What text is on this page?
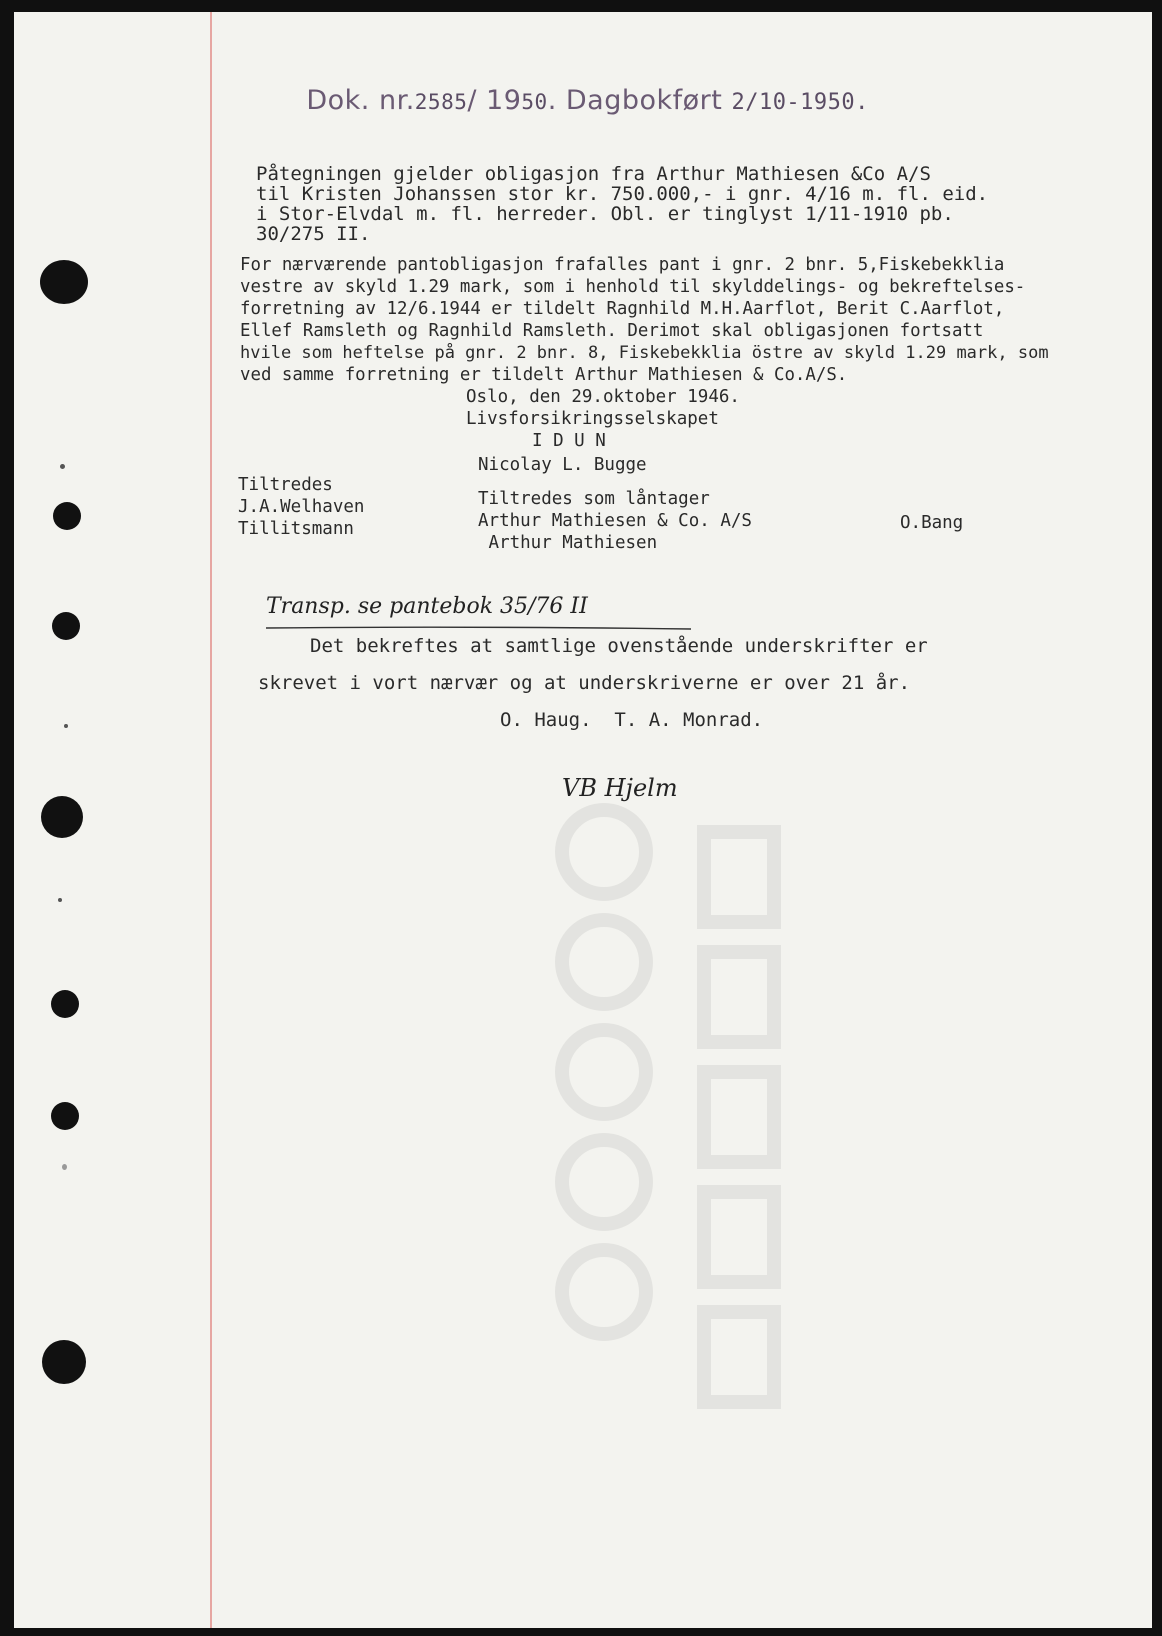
Dok. nr.2585/ 1950. Dagbokført 2/10-1950.

Påtegningen gjelder obligasjon fra Arthur Mathiesen &Co A/S
til Kristen Johanssen stor kr. 750.000,- i gnr. 4/16 m. fl. eid.
i Stor-Elvdal m. fl. herreder. Obl. er tinglyst 1/11-1910 pb.
30/275 II.
For nærværende pantobligasjon frafalles pant i gnr. 2 bnr. 5,Fiskebekklia
vestre av skyld 1.29 mark, som i henhold til skylddelings- og bekreftelses-
forretning av 12/6.1944 er tildelt Ragnhild M.H.Aarflot, Berit C.Aarflot,
Ellef Ramsleth og Ragnhild Ramsleth. Derimot skal obligasjonen fortsatt
hvile som heftelse på gnr. 2 bnr. 8, Fiskebekklia östre av skyld 1.29 mark, som
ved samme forretning er tildelt Arthur Mathiesen & Co.A/S.
Oslo, den 29.oktober 1946.
Livsforsikringsselskapet
I D U N
Nicolay L. Bugge
Tiltredes
J.A.Welhaven
Tillitsmann
Tiltredes som låntager
Arthur Mathiesen & Co. A/S
Arthur Mathiesen
O.Bang
Transp. se pantebok 35/76 II
Det bekreftes at samtlige ovenstående underskrifter er
skrevet i vort nærvær og at underskriverne er over 21 år.
O. Haug.  T. A. Monrad.
VB Hjelm
